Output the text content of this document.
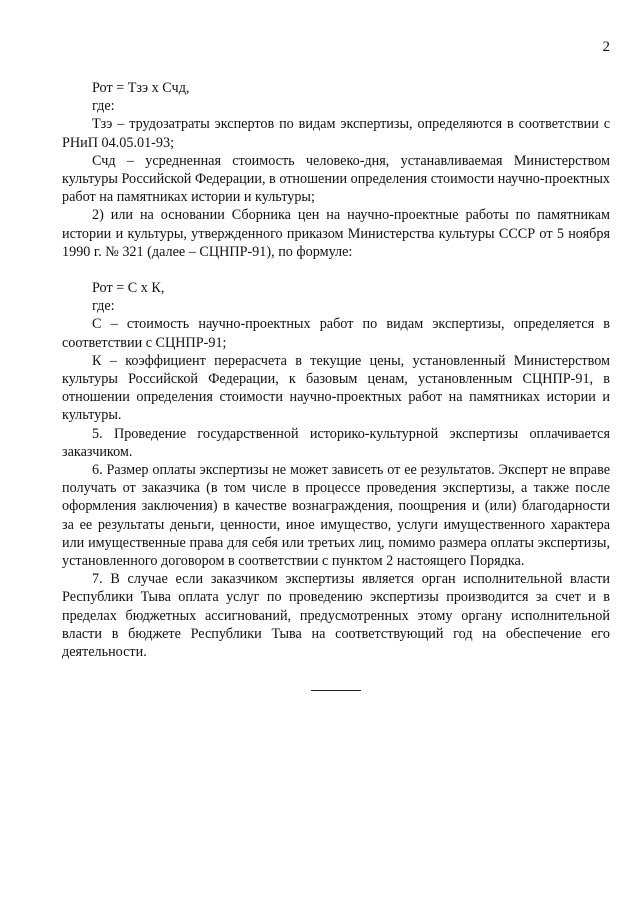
2

Рот = Тзэ х Счд,

где:

Тзэ – трудозатраты экспертов по видам экспертизы, определяются в соответствии с РНиП 04.05.01-93;

Счд – усредненная стоимость человеко-дня, устанавливаемая Министерством культуры Российской Федерации, в отношении определения стоимости научно-проектных работ на памятниках истории и культуры;

2) или на основании Сборника цен на научно-проектные работы по памятникам истории и культуры, утвержденного приказом Министерства культуры СССР от 5 ноября 1990 г. № 321 (далее – СЦНПР-91), по формуле:

Рот = С х К,

где:

С – стоимость научно-проектных работ по видам экспертизы, определяется в соответствии с СЦНПР-91;

К – коэффициент перерасчета в текущие цены, установленный Министерством культуры Российской Федерации, к базовым ценам, установленным СЦНПР-91, в отношении определения стоимости научно-проектных работ на памятниках истории и культуры.

5. Проведение государственной историко-культурной экспертизы оплачивается заказчиком.

6. Размер оплаты экспертизы не может зависеть от ее результатов. Эксперт не вправе получать от заказчика (в том числе в процессе проведения экспертизы, а также после оформления заключения) в качестве вознаграждения, поощрения и (или) благодарности за ее результаты деньги, ценности, иное имущество, услуги имущественного характера или имущественные права для себя или третьих лиц, помимо размера оплаты экспертизы, установленного договором в соответствии с пунктом 2 настоящего Порядка.

7. В случае если заказчиком экспертизы является орган исполнительной власти Республики Тыва оплата услуг по проведению экспертизы производится за счет и в пределах бюджетных ассигнований, предусмотренных этому органу исполнительной власти в бюджете Республики Тыва на соответствующий год на обеспечение его деятельности.
